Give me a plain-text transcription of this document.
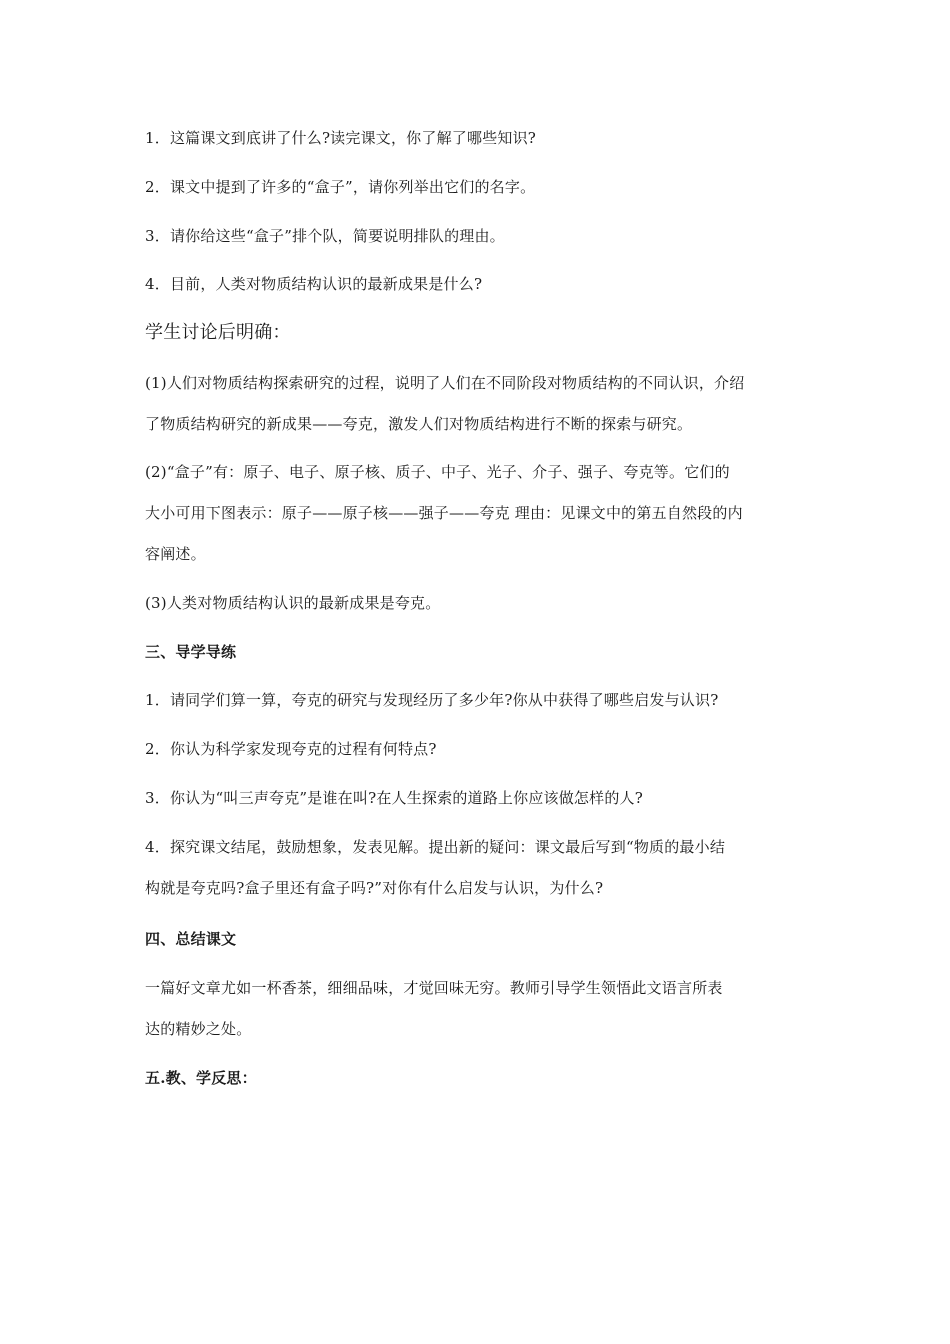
1．这篇课文到底讲了什么?读完课文，你了解了哪些知识?
2．课文中提到了许多的“盒子”，请你列举出它们的名字。
3．请你给这些“盒子”排个队，简要说明排队的理由。
4．目前，人类对物质结构认识的最新成果是什么?
学生讨论后明确：
(1)人们对物质结构探索研究的过程，说明了人们在不同阶段对物质结构的不同认识，介绍
了物质结构研究的新成果——夸克，激发人们对物质结构进行不断的探索与研究。
(2)“盒子”有：原子、电子、原子核、质子、中子、光子、介子、强子、夸克等。它们的
大小可用下图表示：原子——原子核——强子——夸克 理由：见课文中的第五自然段的内
容阐述。
(3)人类对物质结构认识的最新成果是夸克。
三、导学导练
1．请同学们算一算，夸克的研究与发现经历了多少年?你从中获得了哪些启发与认识?
2．你认为科学家发现夸克的过程有何特点?
3．你认为“叫三声夸克”是谁在叫?在人生探索的道路上你应该做怎样的人?
4．探究课文结尾，鼓励想象，发表见解。提出新的疑问：课文最后写到“物质的最小结
构就是夸克吗?盒子里还有盒子吗?”对你有什么启发与认识，为什么?
四、总结课文
一篇好文章尤如一杯香茶，细细品味，才觉回味无穷。教师引导学生领悟此文语言所表
达的精妙之处。
五.教、学反思：
